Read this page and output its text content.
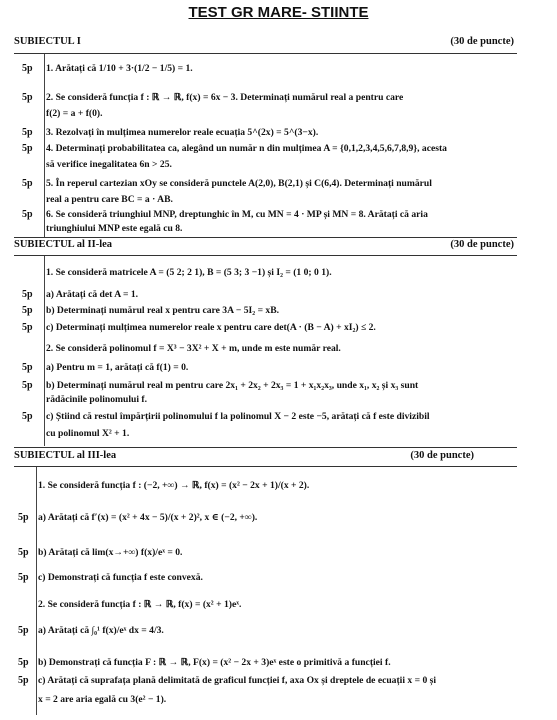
TEST GR MARE- STIINTE
SUBIECTUL I	(30 de puncte)
5p 1. Arătați că 1/10 + 3·(1/2 − 1/5) = 1.
5p 2. Se consideră funcția f : ℝ → ℝ, f(x) = 6x − 3. Determinați numărul real a pentru care
f(2) = a + f(0).
5p 3. Rezolvați în mulțimea numerelor reale ecuația 5^(2x) = 5^(3−x).
5p 4. Determinați probabilitatea ca, alegând un număr n din mulțimea A = {0,1,2,3,4,5,6,7,8,9}, acesta
să verifice inegalitatea 6n > 25.
5p 5. În reperul cartezian xOy se consideră punctele A(2,0), B(2,1) și C(6,4). Determinați numărul
real a pentru care BC = a · AB.
5p 6. Se consideră triunghiul MNP, dreptunghic în M, cu MN = 4 · MP și MN = 8. Arătați că aria
triunghiului MNP este egală cu 8.
SUBIECTUL al II-lea	(30 de puncte)
1. Se consideră matricele A = (5 2; 2 1), B = (5 3; 3 −1) și I₂ = (1 0; 0 1).
5p a) Arătați că det A = 1.
5p b) Determinați numărul real x pentru care 3A − 5I₂ = xB.
5p c) Determinați mulțimea numerelor reale x pentru care det(A · (B − A) + xI₂) ≤ 2.
2. Se consideră polinomul f = X³ − 3X² + X + m, unde m este număr real.
5p a) Pentru m = 1, arătați că f(1) = 0.
5p b) Determinați numărul real m pentru care 2x₁ + 2x₂ + 2x₃ = 1 + x₁x₂x₃, unde x₁, x₂ și x₃ sunt
rădăcinile polinomului f.
5p c) Știind că restul împărțirii polinomului f la polinomul X − 2 este −5, arătați că f este divizibil
cu polinomul X² + 1.
SUBIECTUL al III-lea	(30 de puncte)
1. Se consideră funcția f : (−2, +∞) → ℝ, f(x) = (x² − 2x + 1)/(x + 2).
5p a) Arătați că f′(x) = (x² + 4x − 5)/(x + 2)², x ∈ (−2, +∞).
5p b) Arătați că lim(x→+∞) f(x)/eˣ = 0.
5p c) Demonstrați că funcția f este convexă.
2. Se consideră funcția f : ℝ → ℝ, f(x) = (x² + 1)eˣ.
5p a) Arătați că ∫₀¹ f(x)/eˣ dx = 4/3.
5p b) Demonstrați că funcția F : ℝ → ℝ, F(x) = (x² − 2x + 3)eˣ este o primitivă a funcției f.
5p c) Arătați că suprafața plană delimitată de graficul funcției f, axa Ox și dreptele de ecuații x = 0 și
x = 2 are aria egală cu 3(e² − 1).
